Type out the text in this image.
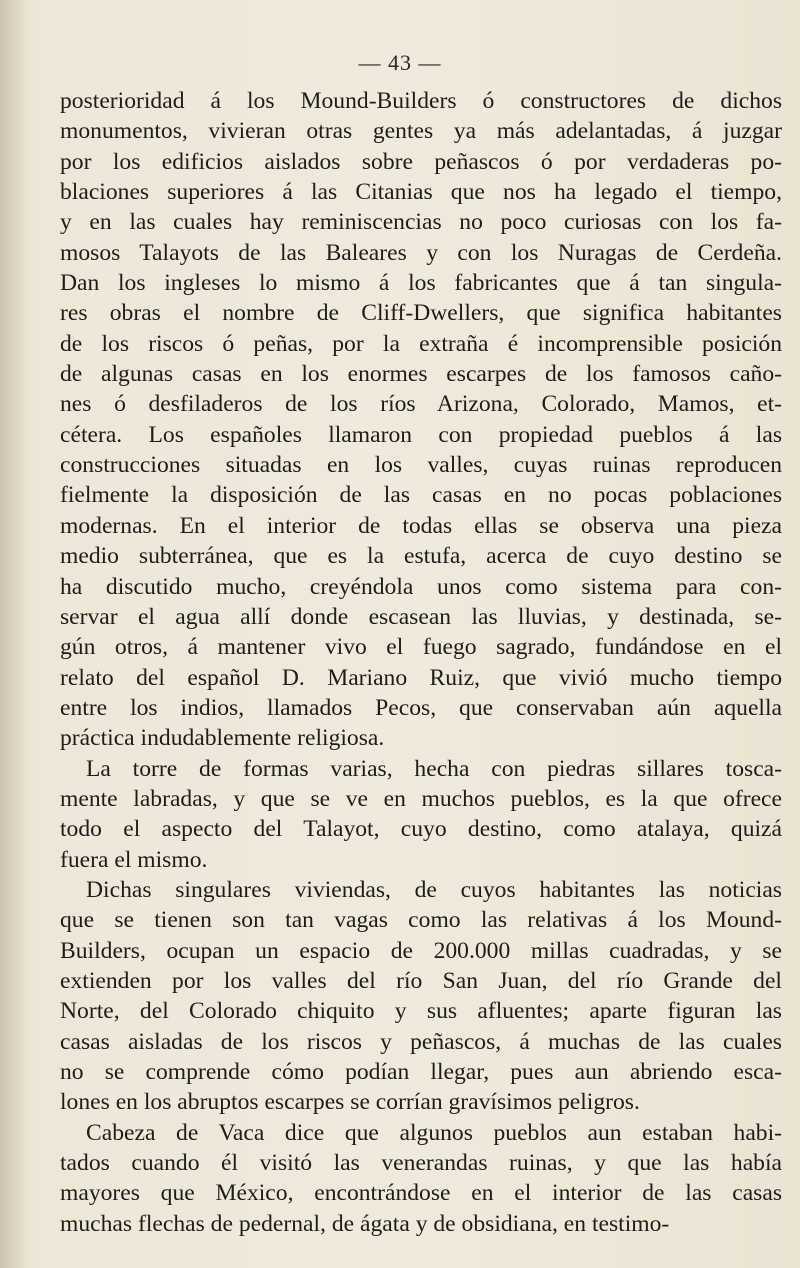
— 43 —
posterioridad á los Mound-Builders ó constructores de dichos
monumentos, vivieran otras gentes ya más adelantadas, á juzgar
por los edificios aislados sobre peñascos ó por verdaderas po-
blaciones superiores á las Citanias que nos ha legado el tiempo,
y en las cuales hay reminiscencias no poco curiosas con los fa-
mosos Talayots de las Baleares y con los Nuragas de Cerdeña.
Dan los ingleses lo mismo á los fabricantes que á tan singula-
res obras el nombre de Cliff-Dwellers, que significa habitantes
de los riscos ó peñas, por la extraña é incomprensible posición
de algunas casas en los enormes escarpes de los famosos caño-
nes ó desfiladeros de los ríos Arizona, Colorado, Mamos, et-
cétera. Los españoles llamaron con propiedad pueblos á las
construcciones situadas en los valles, cuyas ruinas reproducen
fielmente la disposición de las casas en no pocas poblaciones
modernas. En el interior de todas ellas se observa una pieza
medio subterránea, que es la estufa, acerca de cuyo destino se
ha discutido mucho, creyéndola unos como sistema para con-
servar el agua allí donde escasean las lluvias, y destinada, se-
gún otros, á mantener vivo el fuego sagrado, fundándose en el
relato del español D. Mariano Ruiz, que vivió mucho tiempo
entre los indios, llamados Pecos, que conservaban aún aquella
práctica indudablemente religiosa.
La torre de formas varias, hecha con piedras sillares tosca-
mente labradas, y que se ve en muchos pueblos, es la que ofrece
todo el aspecto del Talayot, cuyo destino, como atalaya, quizá
fuera el mismo.
Dichas singulares viviendas, de cuyos habitantes las noticias
que se tienen son tan vagas como las relativas á los Mound-
Builders, ocupan un espacio de 200.000 millas cuadradas, y se
extienden por los valles del río San Juan, del río Grande del
Norte, del Colorado chiquito y sus afluentes; aparte figuran las
casas aisladas de los riscos y peñascos, á muchas de las cuales
no se comprende cómo podían llegar, pues aun abriendo esca-
lones en los abruptos escarpes se corrían gravísimos peligros.
Cabeza de Vaca dice que algunos pueblos aun estaban habi-
tados cuando él visitó las venerandas ruinas, y que las había
mayores que México, encontrándose en el interior de las casas
muchas flechas de pedernal, de ágata y de obsidiana, en testimo-
